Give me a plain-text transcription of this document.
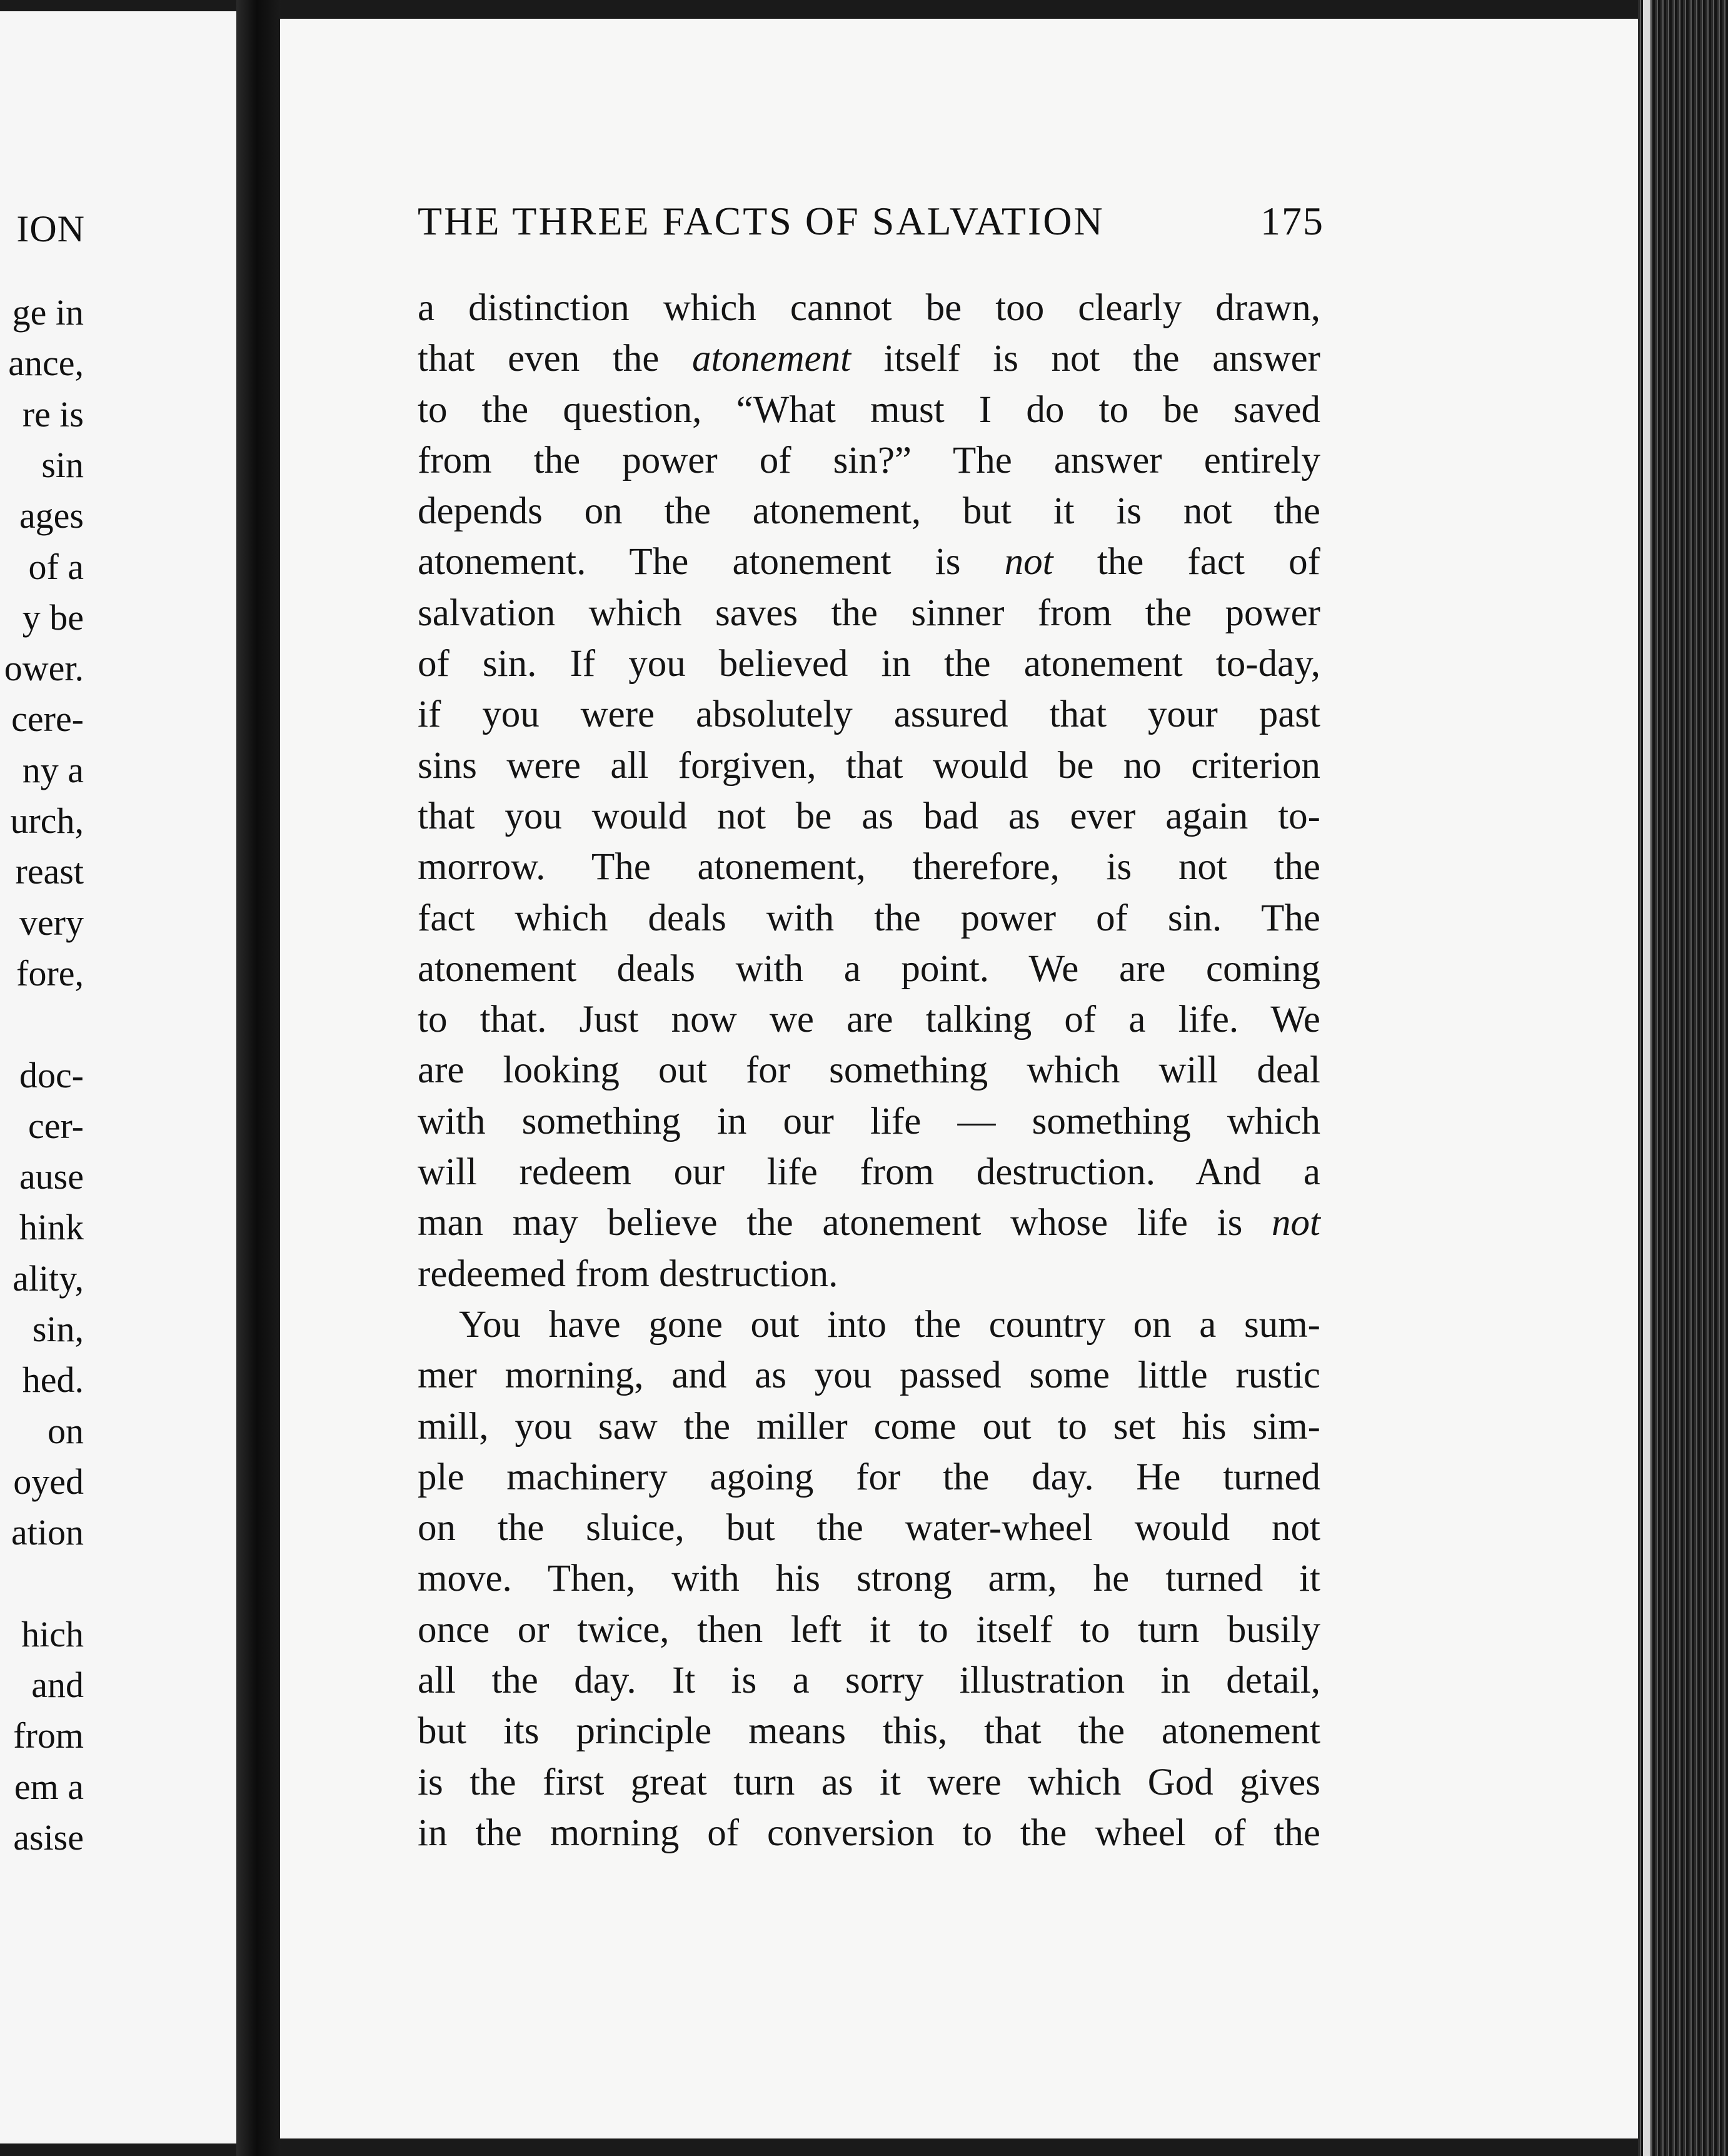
ION
ge in
ance,
re is
sin
ages
of a
y be
ower.
cere-
ny a
urch,
reast
very
fore,
doc-
cer-
ause
hink
ality,
sin,
hed.
on
oyed
ation
hich
and
from
em a
asise
THE THREE FACTS OF SALVATION	175
a distinction which cannot be too clearly drawn,
that even the atonement itself is not the answer
to the question, “What must I do to be saved
from the power of sin?” The answer entirely
depends on the atonement, but it is not the
atonement. The atonement is not the fact of
salvation which saves the sinner from the power
of sin. If you believed in the atonement to-day,
if you were absolutely assured that your past
sins were all forgiven, that would be no criterion
that you would not be as bad as ever again to-
morrow. The atonement, therefore, is not the
fact which deals with the power of sin. The
atonement deals with a point. We are coming
to that. Just now we are talking of a life. We
are looking out for something which will deal
with something in our life — something which
will redeem our life from destruction. And a
man may believe the atonement whose life is not
redeemed from destruction.
You have gone out into the country on a sum-
mer morning, and as you passed some little rustic
mill, you saw the miller come out to set his sim-
ple machinery agoing for the day. He turned
on the sluice, but the water-wheel would not
move. Then, with his strong arm, he turned it
once or twice, then left it to itself to turn busily
all the day. It is a sorry illustration in detail,
but its principle means this, that the atonement
is the first great turn as it were which God gives
in the morning of conversion to the wheel of the
